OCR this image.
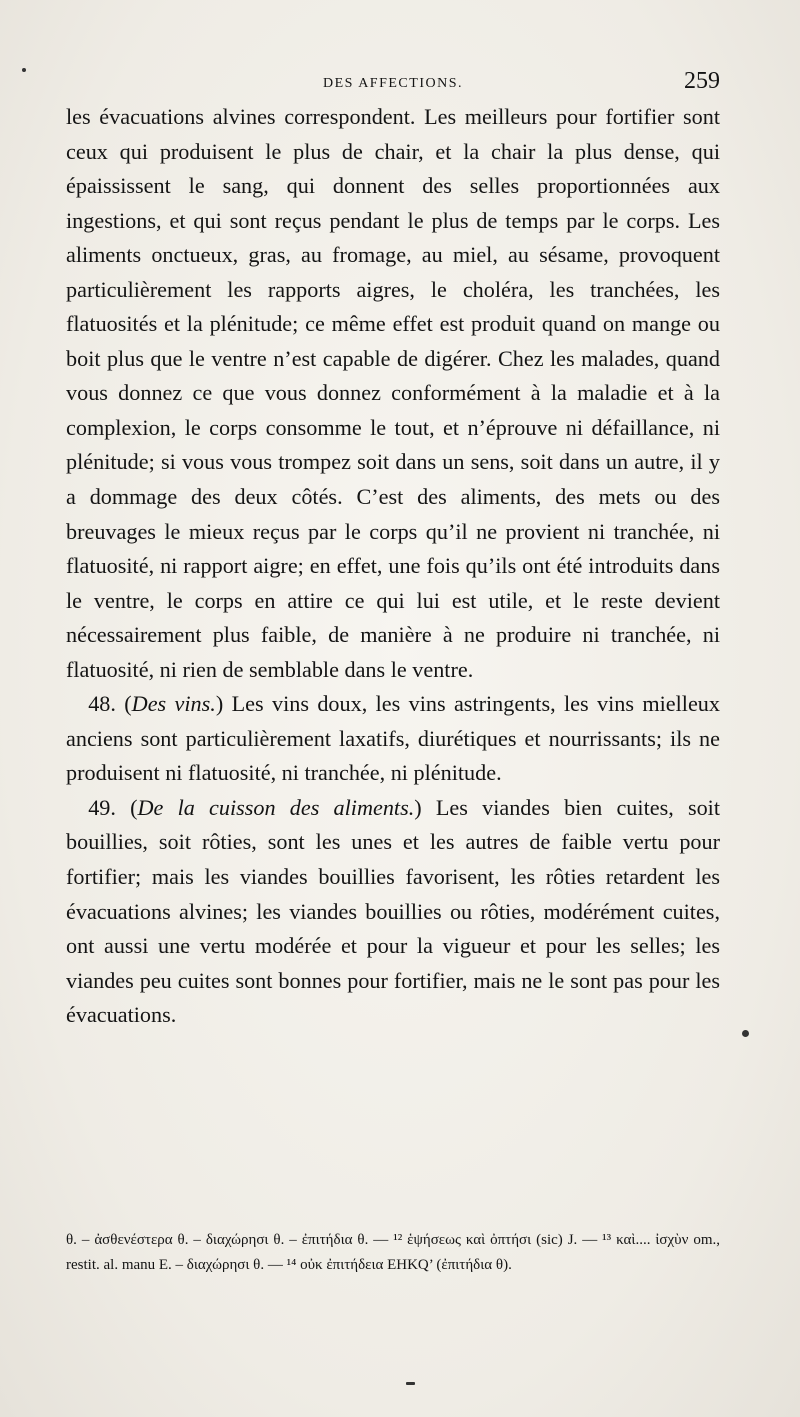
DES AFFECTIONS.	259

les évacuations alvines correspondent. Les meilleurs pour fortifier sont ceux qui produisent le plus de chair, et la chair la plus dense, qui épaississent le sang, qui donnent des selles proportionnées aux ingestions, et qui sont reçus pendant le plus de temps par le corps. Les aliments onctueux, gras, au fromage, au miel, au sésame, provoquent particulièrement les rapports aigres, le choléra, les tranchées, les flatuosités et la plénitude; ce même effet est produit quand on mange ou boit plus que le ventre n’est capable de digérer. Chez les malades, quand vous donnez ce que vous donnez conformément à la maladie et à la complexion, le corps consomme le tout, et n’éprouve ni défaillance, ni plénitude; si vous vous trompez soit dans un sens, soit dans un autre, il y a dommage des deux côtés. C’est des aliments, des mets ou des breuvages le mieux reçus par le corps qu’il ne provient ni tranchée, ni flatuosité, ni rapport aigre; en effet, une fois qu’ils ont été introduits dans le ventre, le corps en attire ce qui lui est utile, et le reste devient nécessairement plus faible, de manière à ne produire ni tranchée, ni flatuosité, ni rien de semblable dans le ventre.

 48. (Des vins.) Les vins doux, les vins astringents, les vins mielleux anciens sont particulièrement laxatifs, diurétiques et nourrissants; ils ne produisent ni flatuosité, ni tranchée, ni plénitude.

 49. (De la cuisson des aliments.) Les viandes bien cuites, soit bouillies, soit rôties, sont les unes et les autres de faible vertu pour fortifier; mais les viandes bouillies favorisent, les rôties retardent les évacuations alvines; les viandes bouillies ou rôties, modérément cuites, ont aussi une vertu modérée et pour la vigueur et pour les selles; les viandes peu cuites sont bonnes pour fortifier, mais ne le sont pas pour les évacuations.

θ. – ἀσθενέστερα θ. – διαχώρησι θ. – ἐπιτήδια θ. — ¹² ἑψήσεως καὶ ὀπτήσι (sic) J. — ¹³ καὶ.... ἰσχὺν om., restit. al. manu E. – διαχώρησι θ. — ¹⁴ οὐκ ἐπιτήδεια EHKQ’ (ἐπιτήδια θ).
